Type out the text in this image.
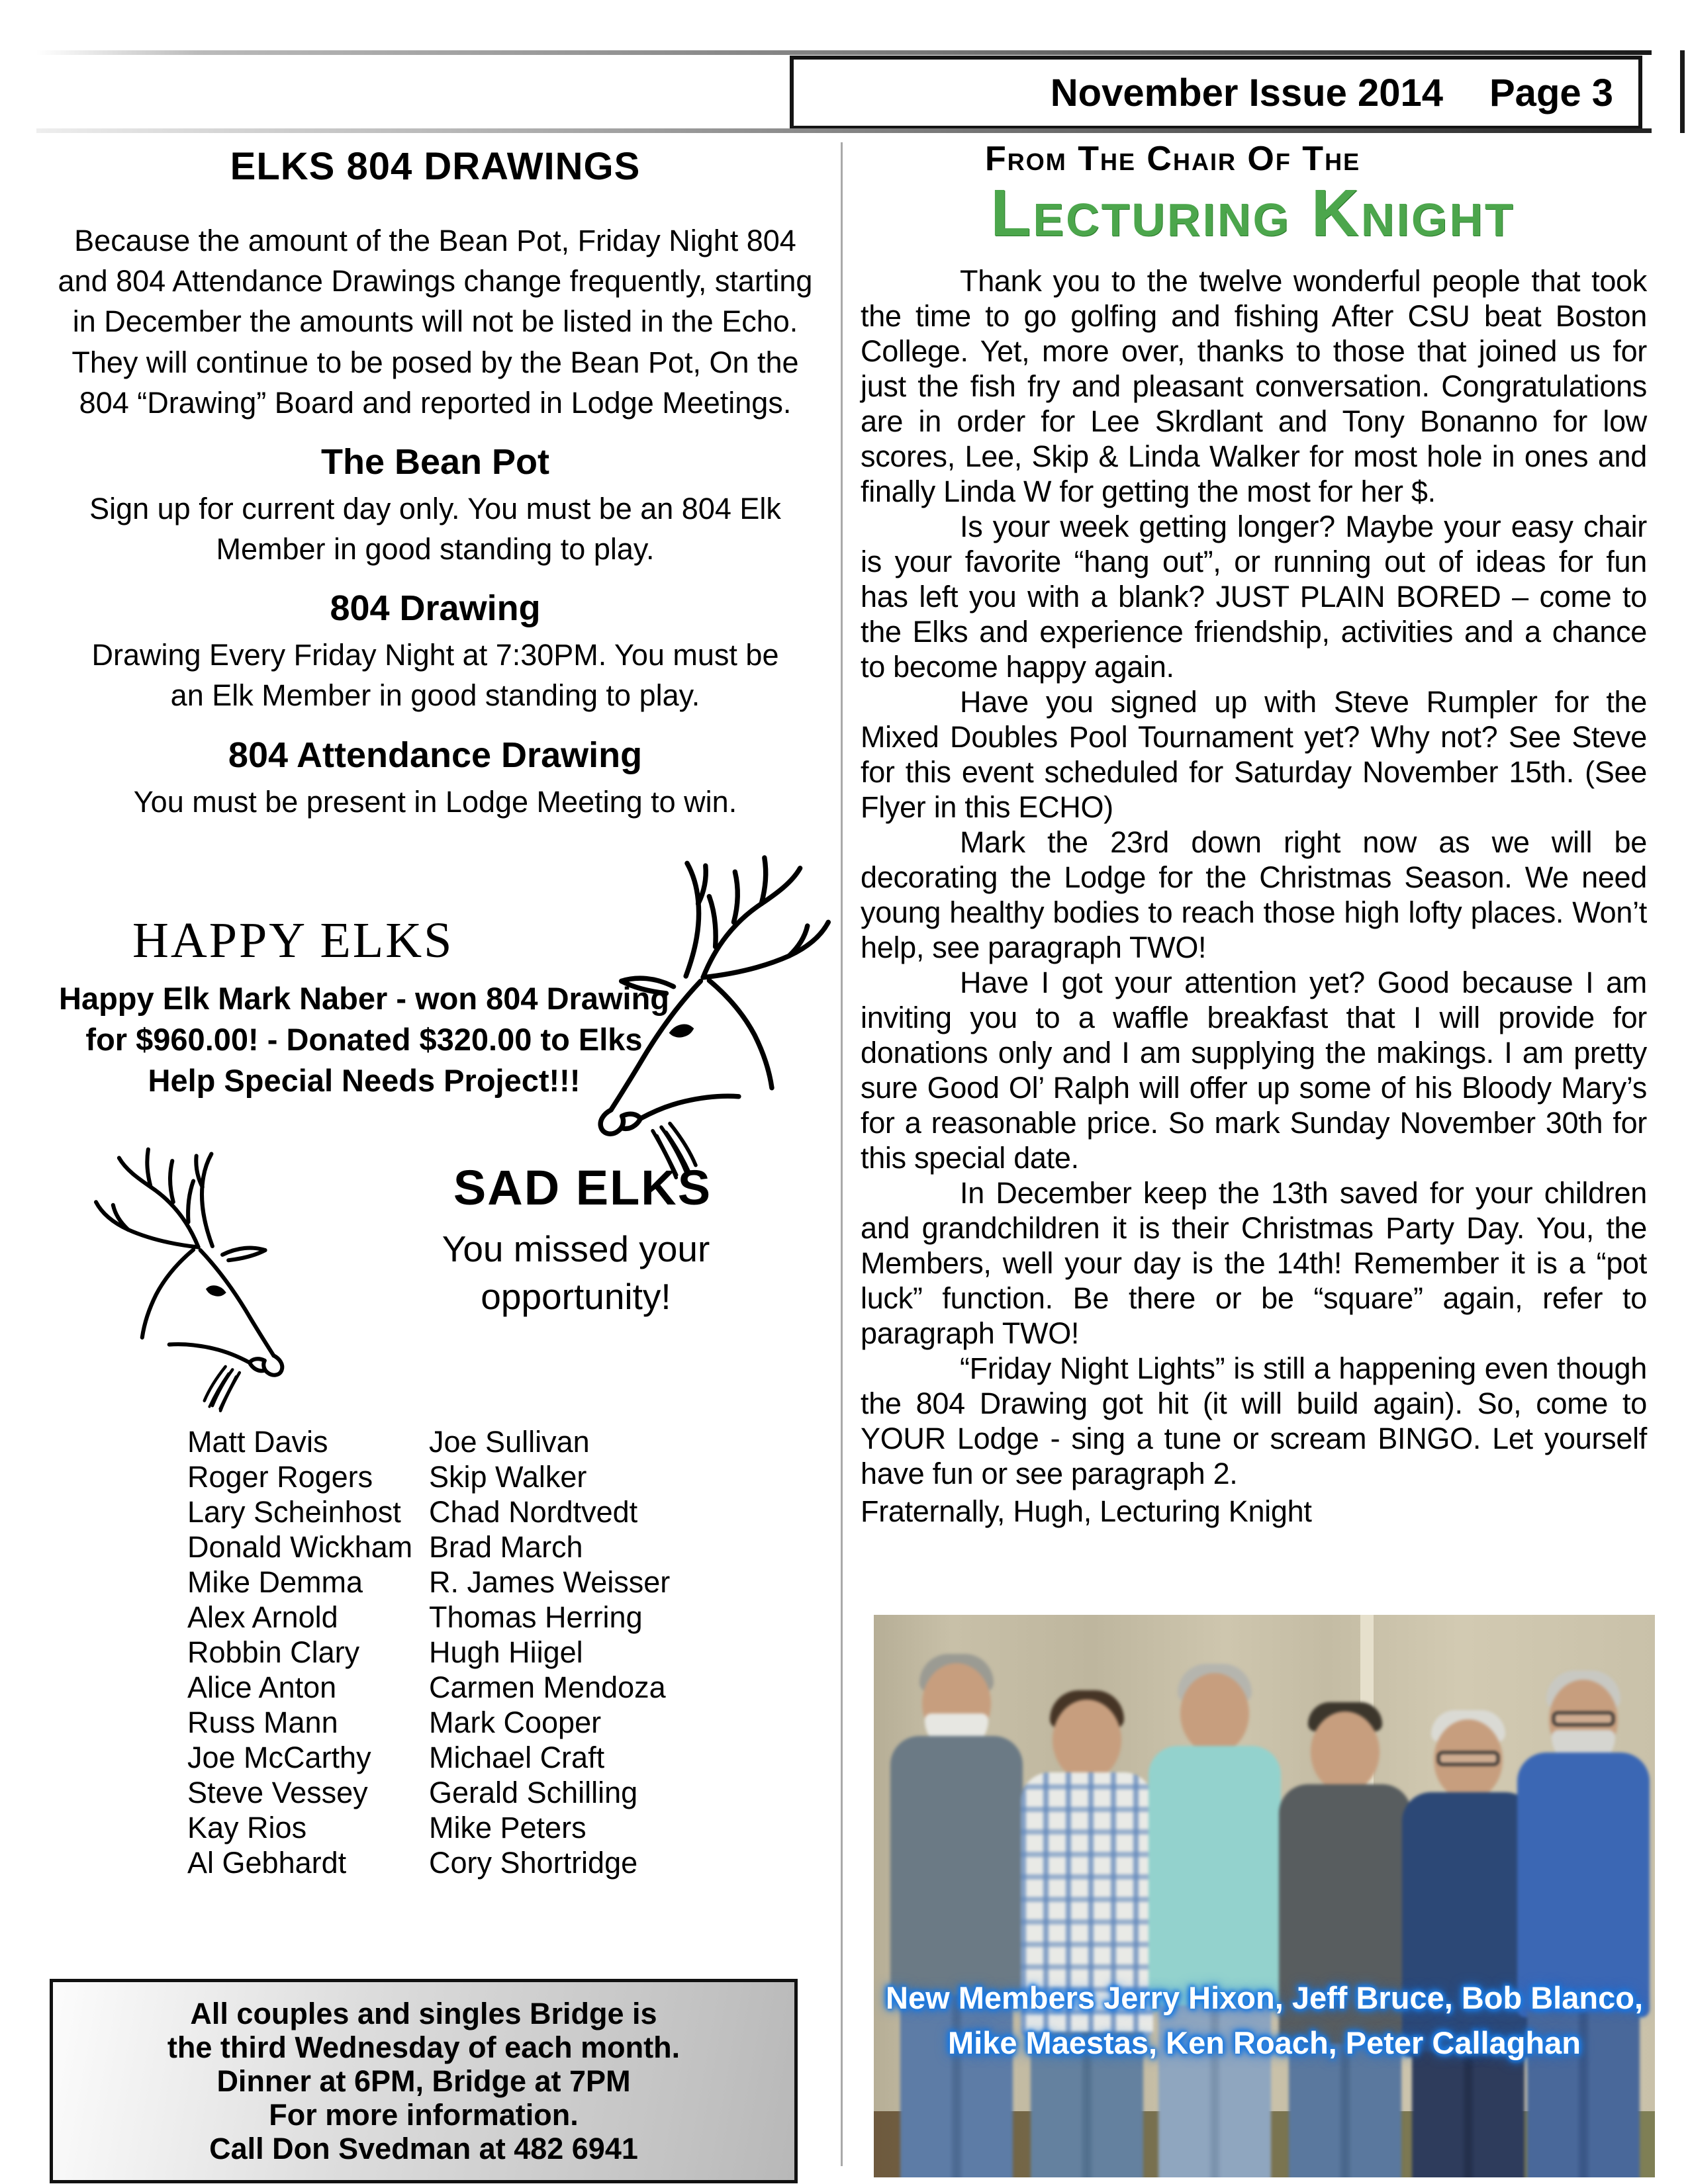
November Issue 2014 Page 3
ELKS 804 DRAWINGS

Because the amount of the Bean Pot, Friday Night 804 and 804 Attendance Drawings change frequently, starting in December the amounts will not be listed in the Echo. They will continue to be posed by the Bean Pot, On the 804 “Drawing” Board and reported in Lodge Meetings.

The Bean Pot

Sign up for current day only. You must be an 804 Elk Member in good standing to play.

804 Drawing

Drawing Every Friday Night at 7:30PM. You must be an Elk Member in good standing to play.

804 Attendance Drawing

You must be present in Lodge Meeting to win.

HAPPY ELKS
Happy Elk Mark Naber - won 804 Drawing for $960.00! - Donated $320.00 to Elks Help Special Needs Project!!!
SAD ELKS
You missed your opportunity!
Matt Davis
Roger Rogers
Lary Scheinhost
Donald Wickham
Mike Demma
Alex Arnold
Robbin Clary
Alice Anton
Russ Mann
Joe McCarthy
Steve Vessey
Kay Rios
Al Gebhardt
Joe Sullivan
Skip Walker
Chad Nordtvedt
Brad March
R. James Weisser
Thomas Herring
Hugh Hiigel
Carmen Mendoza
Mark Cooper
Michael Craft
Gerald Schilling
Mike Peters
Cory Shortridge
All couples and singles Bridge is
the third Wednesday of each month.
Dinner at 6PM, Bridge at 7PM
For more information.
Call Don Svedman at 482 6941
From The Chair Of The
Lecturing Knight

Thank you to the twelve wonderful people that took the time to go golfing and fishing After CSU beat Boston College. Yet, more over, thanks to those that joined us for just the fish fry and pleasant conversation. Congratulations are in order for Lee Skrdlant and Tony Bonanno for low scores, Lee, Skip & Linda Walker for most hole in ones and finally Linda W for getting the most for her $.

Is your week getting longer? Maybe your easy chair is your favorite “hang out”, or running out of ideas for fun has left you with a blank? JUST PLAIN BORED – come to the Elks and experience friendship, activities and a chance to become happy again.

Have you signed up with Steve Rumpler for the Mixed Doubles Pool Tournament yet? Why not? See Steve for this event scheduled for Saturday November 15th. (See Flyer in this ECHO)

Mark the 23rd down right now as we will be decorating the Lodge for the Christmas Season. We need young healthy bodies to reach those high lofty places. Won’t help, see paragraph TWO!

Have I got your attention yet? Good because I am inviting you to a waffle breakfast that I will provide for donations only and I am supplying the makings. I am pretty sure Good Ol’ Ralph will offer up some of his Bloody Mary’s for a reasonable price. So mark Sunday November 30th for this special date.

In December keep the 13th saved for your children and grandchildren it is their Christmas Party Day. You, the Members, well your day is the 14th! Remember it is a “pot luck” function. Be there or be “square” again, refer to paragraph TWO!

“Friday Night Lights” is still a happening even though the 804 Drawing got hit (it will build again). So, come to YOUR Lodge - sing a tune or scream BINGO. Let yourself have fun or see paragraph 2.

Fraternally, Hugh, Lecturing Knight
New Members Jerry Hixon, Jeff Bruce, Bob Blanco,
Mike Maestas, Ken Roach, Peter Callaghan
